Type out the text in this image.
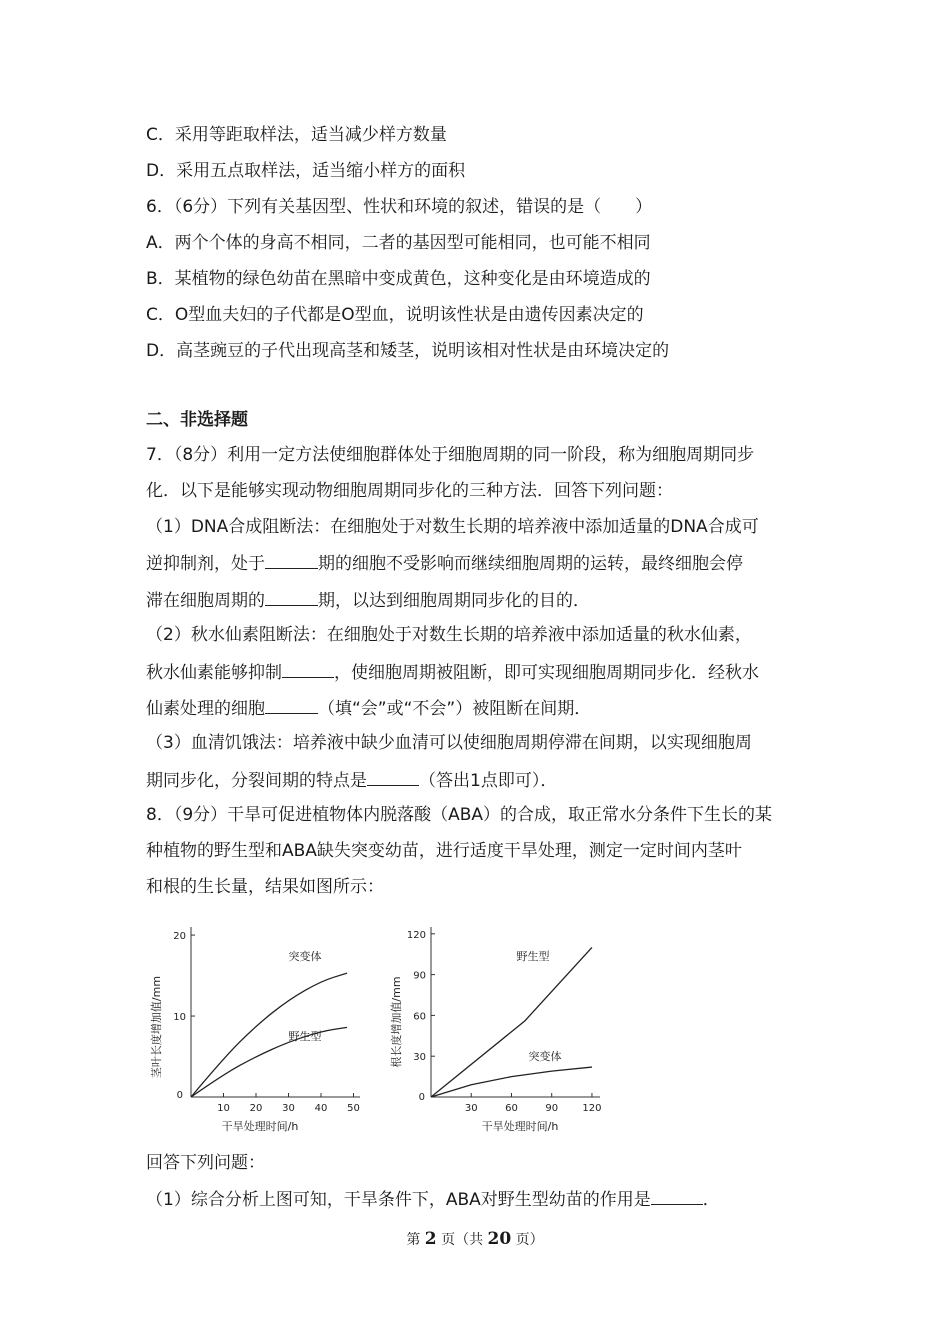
C．采用等距取样法，适当减少样方数量
D．采用五点取样法，适当缩小样方的面积
6．（6分）下列有关基因型、性状和环境的叙述，错误的是（　　）
A．两个个体的身高不相同，二者的基因型可能相同，也可能不相同
B．某植物的绿色幼苗在黑暗中变成黄色，这种变化是由环境造成的
C．O型血夫妇的子代都是O型血，说明该性状是由遗传因素决定的
D．高茎豌豆的子代出现高茎和矮茎，说明该相对性状是由环境决定的
二、非选择题
7．（8分）利用一定方法使细胞群体处于细胞周期的同一阶段，称为细胞周期同步
化．以下是能够实现动物细胞周期同步化的三种方法．回答下列问题：
（1）DNA合成阻断法：在细胞处于对数生长期的培养液中添加适量的DNA合成可
逆抑制剂，处于	期的细胞不受影响而继续细胞周期的运转，最终细胞会停
滞在细胞周期的	期，以达到细胞周期同步化的目的．
（2）秋水仙素阻断法：在细胞处于对数生长期的培养液中添加适量的秋水仙素，
秋水仙素能够抑制	，使细胞周期被阻断，即可实现细胞周期同步化．经秋水
仙素处理的细胞	（填“会”或“不会”）被阻断在间期．
（3）血清饥饿法：培养液中缺少血清可以使细胞周期停滞在间期，以实现细胞周
期同步化，分裂间期的特点是	（答出1点即可）．
8．（9分）干旱可促进植物体内脱落酸（ABA）的合成，取正常水分条件下生长的某
种植物的野生型和ABA缺失突变幼苗，进行适度干旱处理，测定一定时间内茎叶
和根的生长量，结果如图所示：
茎叶长度增加值/mm
干旱处理时间/h
0
10 20 30 40 50
10
20
突变体
野生型	根长度增加值/mm
干旱处理时间/h
0
30	60	90 120
30
60
90
120
野生型
突变体
回答下列问题：
（1）综合分析上图可知，干旱条件下，ABA对野生型幼苗的作用是	．
第 2 页（共 20 页）
